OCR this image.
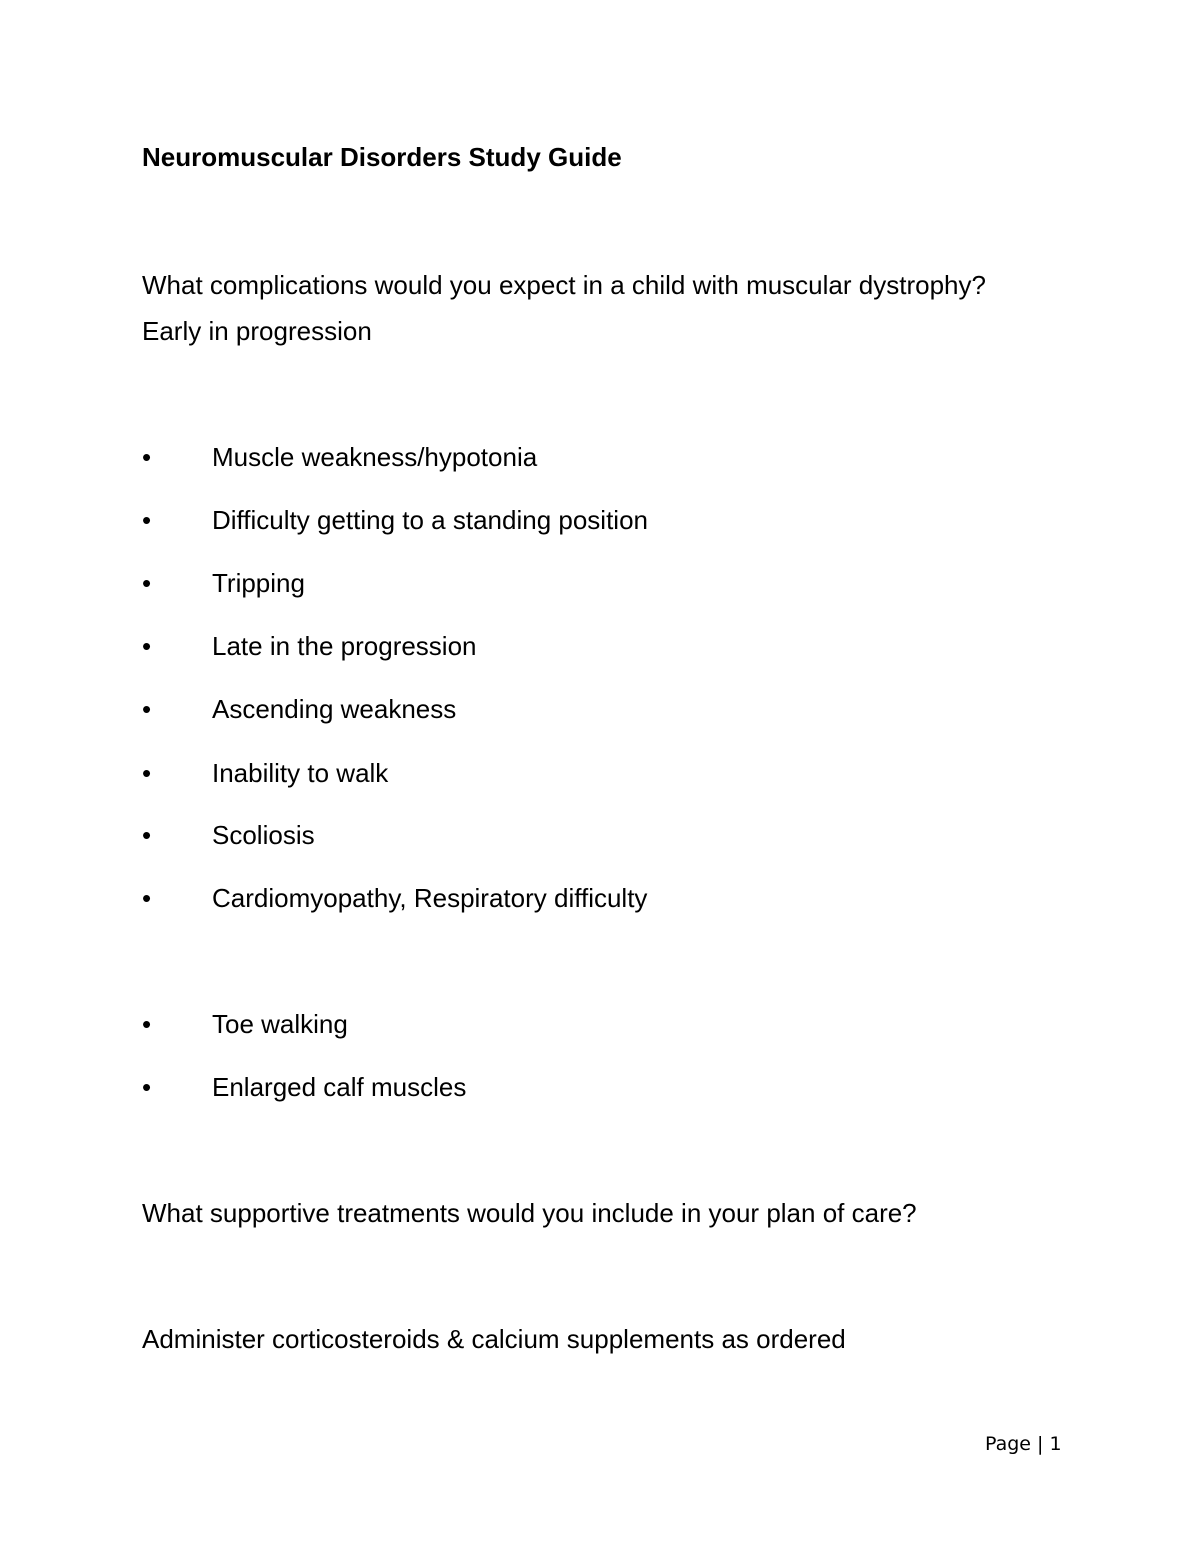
Neuromuscular Disorders Study Guide
What complications would you expect in a child with muscular dystrophy?
Early in progression
•	Muscle weakness/hypotonia
•	Difficulty getting to a standing position
•	Tripping
•	Late in the progression
•	Ascending weakness
•	Inability to walk
•	Scoliosis
•	Cardiomyopathy, Respiratory difficulty
•	Toe walking
•	Enlarged calf muscles
What supportive treatments would you include in your plan of care?
Administer corticosteroids & calcium supplements as ordered
Page | 1
